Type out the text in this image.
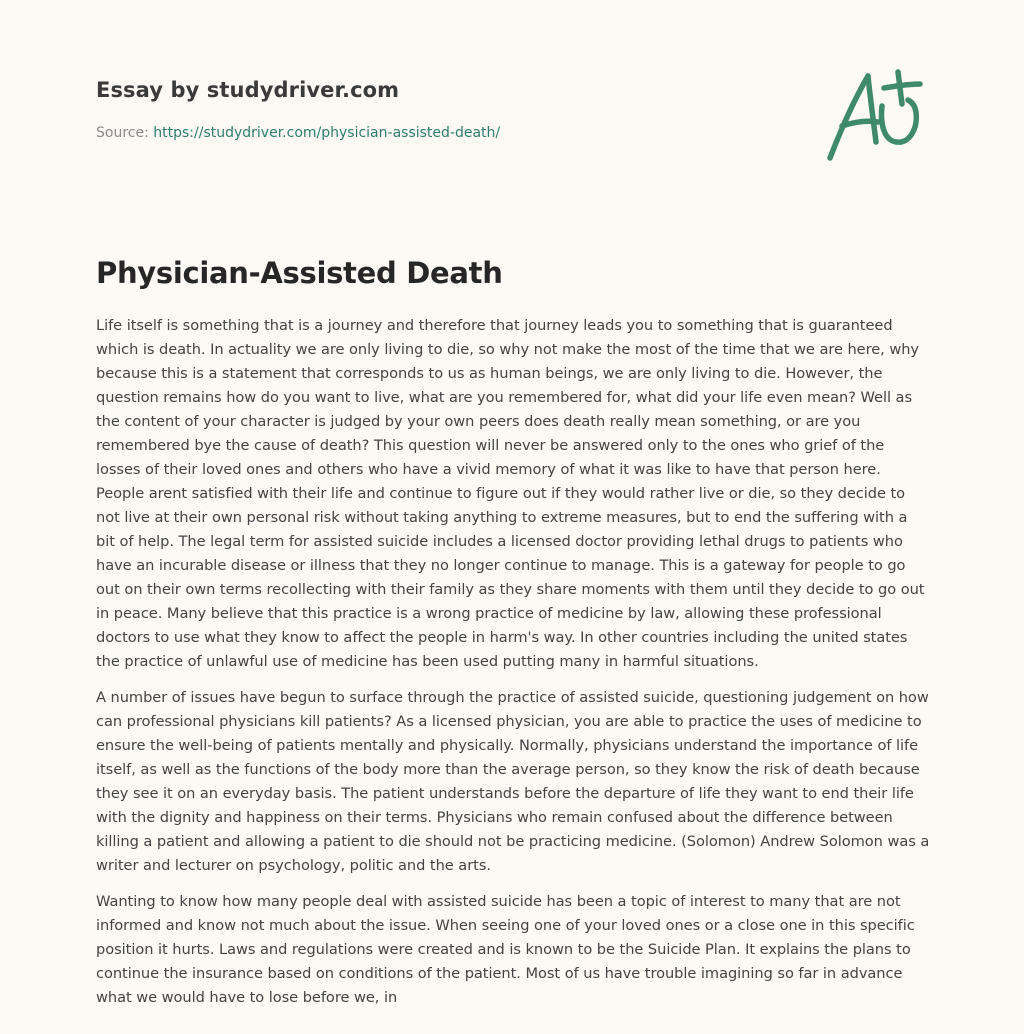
Essay by studydriver.com
Source: https://studydriver.com/physician-assisted-death/
Physician-Assisted Death

Life itself is something that is a journey and therefore that journey leads you to something that is guaranteed which is death. In actuality we are only living to die, so why not make the most of the time that we are here, why because this is a statement that corresponds to us as human beings, we are only living to die. However, the question remains how do you want to live, what are you remembered for, what did your life even mean? Well as the content of your character is judged by your own peers does death really mean something, or are you remembered bye the cause of death? This question will never be answered only to the ones who grief of the losses of their loved ones and others who have a vivid memory of what it was like to have that person here. People arent satisfied with their life and continue to figure out if they would rather live or die, so they decide to not live at their own personal risk without taking anything to extreme measures, but to end the suffering with a bit of help. The legal term for assisted suicide includes a licensed doctor providing lethal drugs to patients who have an incurable disease or illness that they no longer continue to manage. This is a gateway for people to go out on their own terms recollecting with their family as they share moments with them until they decide to go out in peace. Many believe that this practice is a wrong practice of medicine by law, allowing these professional doctors to use what they know to affect the people in harm's way. In other countries including the united states the practice of unlawful use of medicine has been used putting many in harmful situations.

A number of issues have begun to surface through the practice of assisted suicide, questioning judgement on how can professional physicians kill patients? As a licensed physician, you are able to practice the uses of medicine to ensure the well-being of patients mentally and physically. Normally, physicians understand the importance of life itself, as well as the functions of the body more than the average person, so they know the risk of death because they see it on an everyday basis. The patient understands before the departure of life they want to end their life with the dignity and happiness on their terms. Physicians who remain confused about the difference between killing a patient and allowing a patient to die should not be practicing medicine. (Solomon) Andrew Solomon was a writer and lecturer on psychology, politic and the arts.

Wanting to know how many people deal with assisted suicide has been a topic of interest to many that are not informed and know not much about the issue. When seeing one of your loved ones or a close one in this specific position it hurts. Laws and regulations were created and is known to be the Suicide Plan. It explains the plans to continue the insurance based on conditions of the patient. Most of us have trouble imagining so far in advance what we would have to lose before we, in
